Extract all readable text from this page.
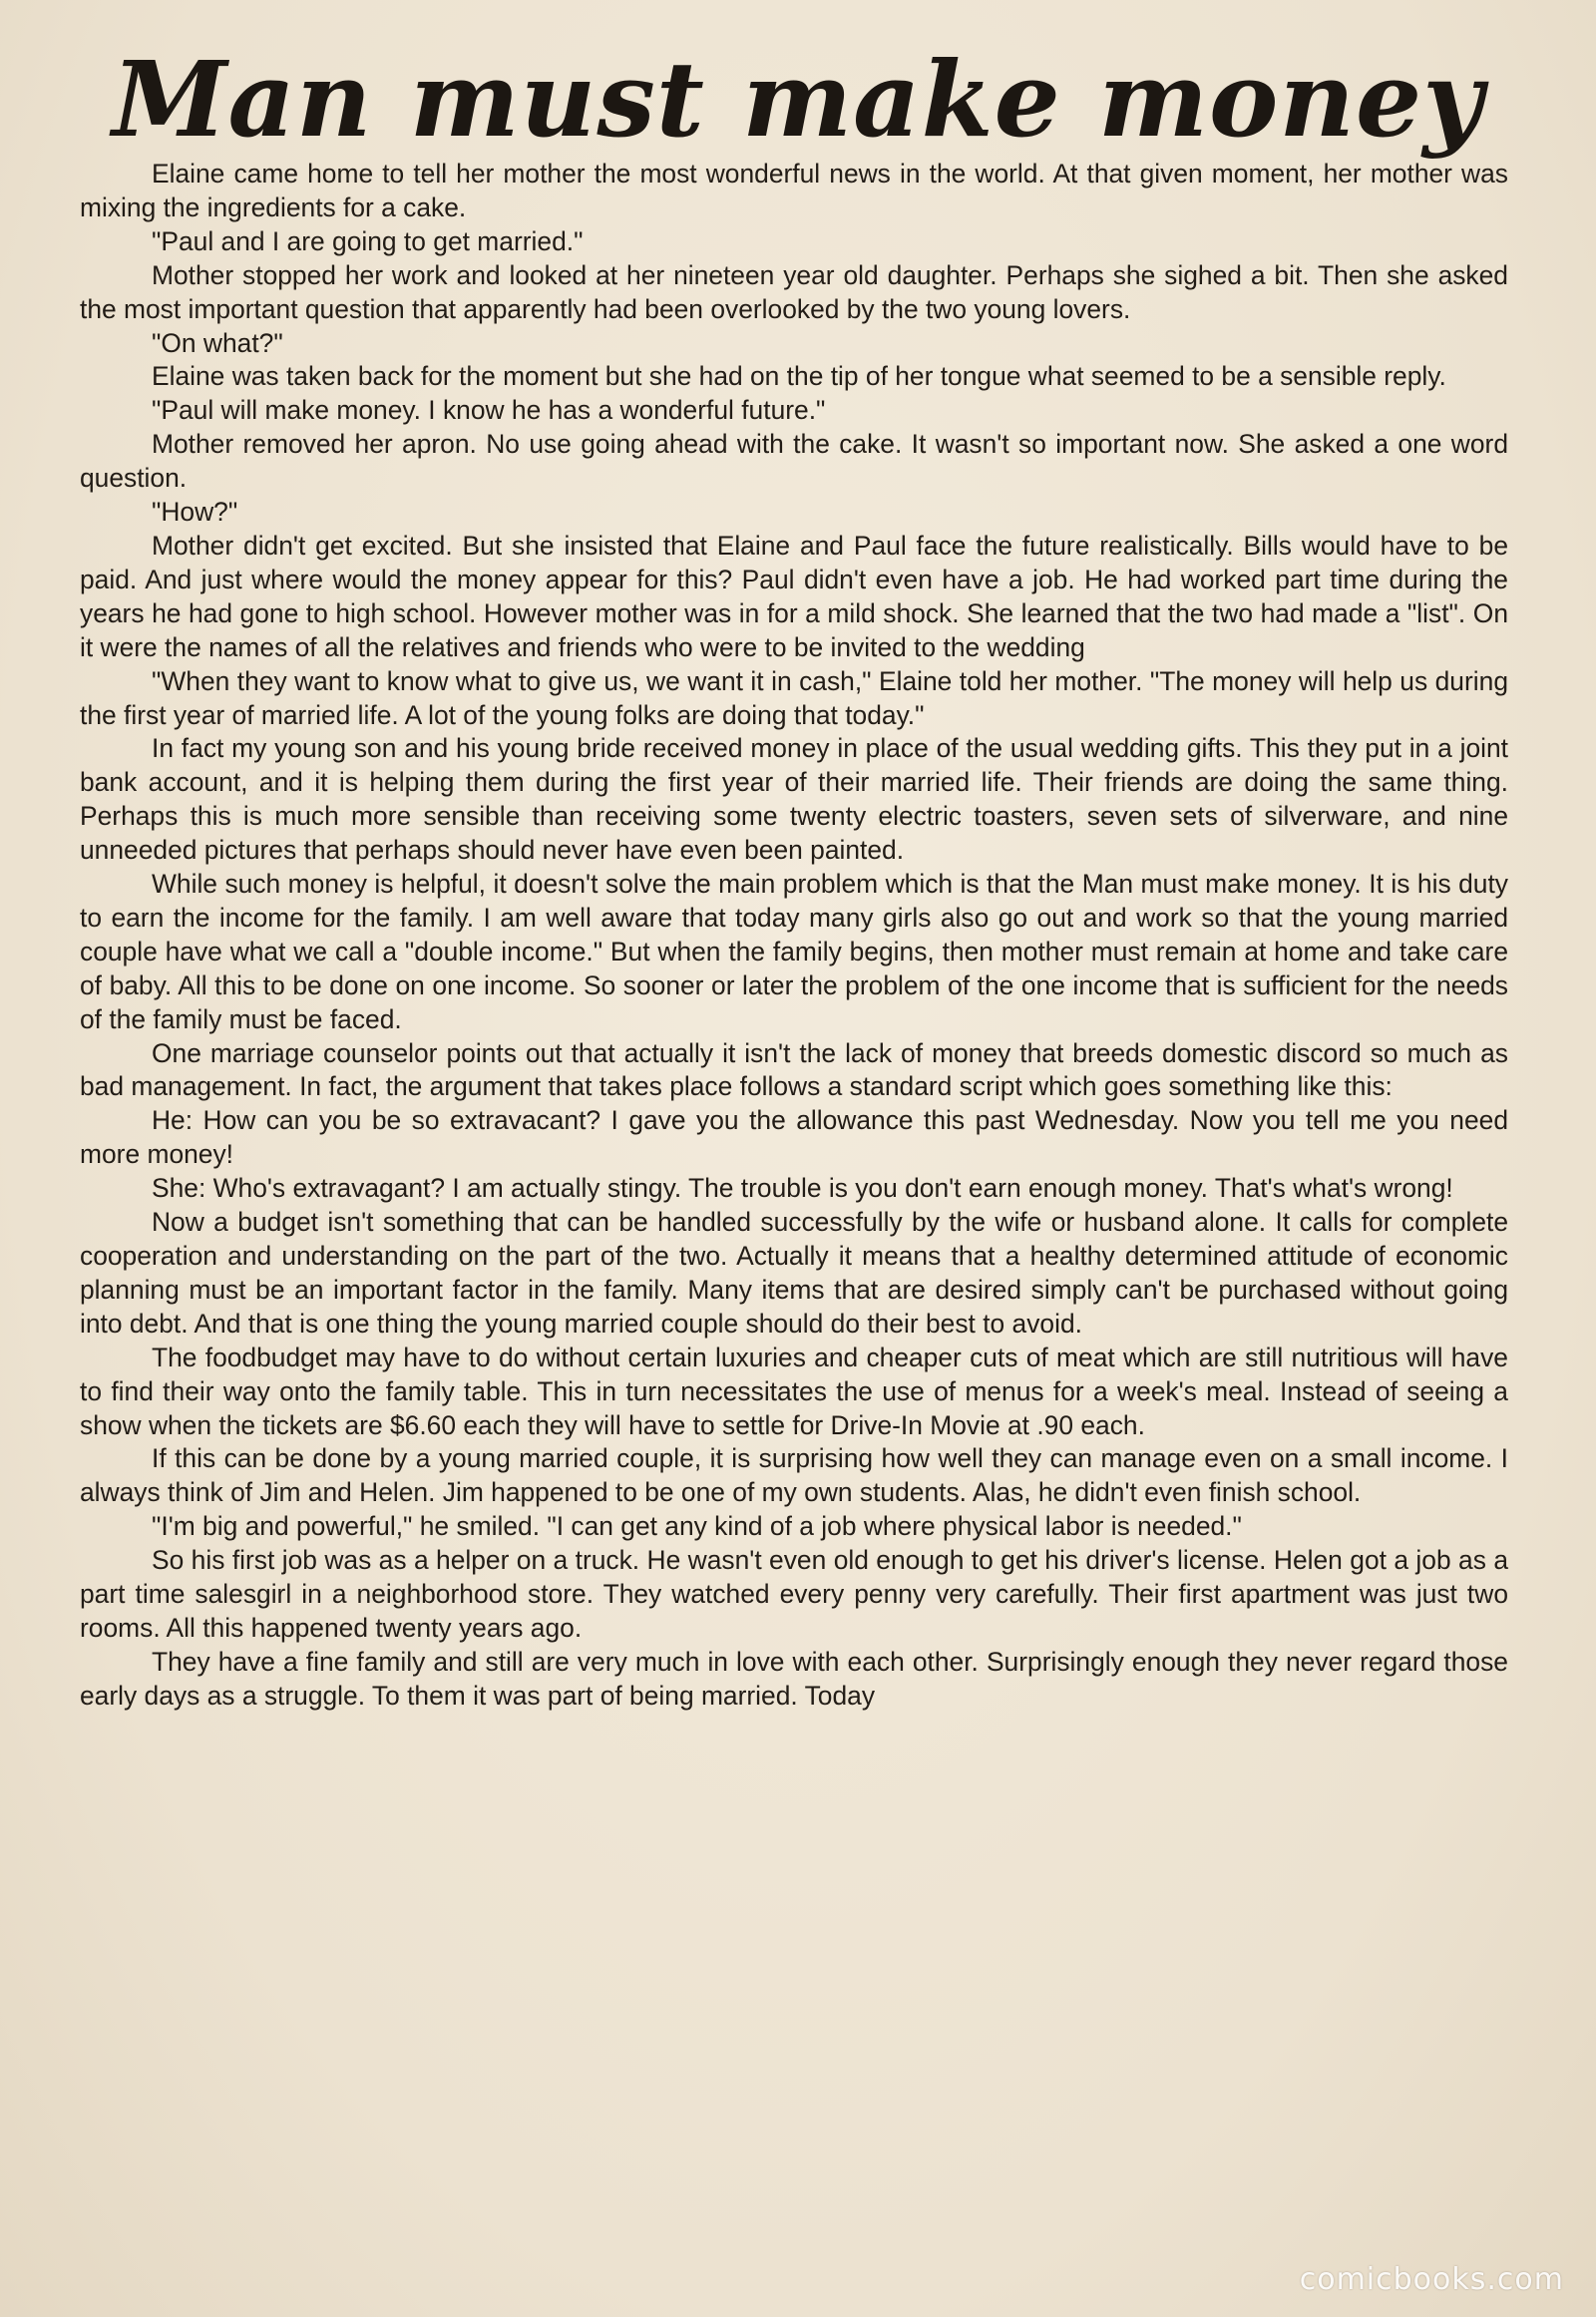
Man must make money

Elaine came home to tell her mother the most wonderful news in the world. At that given moment, her mother was mixing the ingredients for a cake.

"Paul and I are going to get married."

Mother stopped her work and looked at her nineteen year old daughter. Perhaps she sighed a bit. Then she asked the most important question that apparently had been overlooked by the two young lovers.

"On what?"

Elaine was taken back for the moment but she had on the tip of her tongue what seemed to be a sensible reply.

"Paul will make money. I know he has a wonderful future."

Mother removed her apron. No use going ahead with the cake. It wasn't so important now. She asked a one word question.

"How?"

Mother didn't get excited. But she insisted that Elaine and Paul face the future realistically. Bills would have to be paid. And just where would the money appear for this? Paul didn't even have a job. He had worked part time during the years he had gone to high school. However mother was in for a mild shock. She learned that the two had made a "list". On it were the names of all the relatives and friends who were to be invited to the wedding

"When they want to know what to give us, we want it in cash," Elaine told her mother. "The money will help us during the first year of married life. A lot of the young folks are doing that today."

In fact my young son and his young bride received money in place of the usual wedding gifts. This they put in a joint bank account, and it is helping them during the first year of their married life. Their friends are doing the same thing. Perhaps this is much more sensible than receiving some twenty electric toasters, seven sets of silverware, and nine unneeded pictures that perhaps should never have even been painted.

While such money is helpful, it doesn't solve the main problem which is that the Man must make money. It is his duty to earn the income for the family. I am well aware that today many girls also go out and work so that the young married couple have what we call a "double income." But when the family begins, then mother must remain at home and take care of baby. All this to be done on one income. So sooner or later the problem of the one income that is sufficient for the needs of the family must be faced.

One marriage counselor points out that actually it isn't the lack of money that breeds domestic discord so much as bad management. In fact, the argument that takes place follows a standard script which goes something like this:

He: How can you be so extravacant? I gave you the allowance this past Wednesday. Now you tell me you need more money!

She: Who's extravagant? I am actually stingy. The trouble is you don't earn enough money. That's what's wrong!

Now a budget isn't something that can be handled successfully by the wife or husband alone. It calls for complete cooperation and understanding on the part of the two. Actually it means that a healthy determined attitude of economic planning must be an important factor in the family. Many items that are desired simply can't be purchased without going into debt. And that is one thing the young married couple should do their best to avoid.

The foodbudget may have to do without certain luxuries and cheaper cuts of meat which are still nutritious will have to find their way onto the family table. This in turn necessitates the use of menus for a week's meal. Instead of seeing a show when the tickets are $6.60 each they will have to settle for Drive-In Movie at .90 each.

If this can be done by a young married couple, it is surprising how well they can manage even on a small income. I always think of Jim and Helen. Jim happened to be one of my own students. Alas, he didn't even finish school.

"I'm big and powerful," he smiled. "I can get any kind of a job where physical labor is needed."

So his first job was as a helper on a truck. He wasn't even old enough to get his driver's license. Helen got a job as a part time salesgirl in a neighborhood store. They watched every penny very carefully. Their first apartment was just two rooms. All this happened twenty years ago.

They have a fine family and still are very much in love with each other. Surprisingly enough they never regard those early days as a struggle. To them it was part of being married. Today

comicbooks.com
